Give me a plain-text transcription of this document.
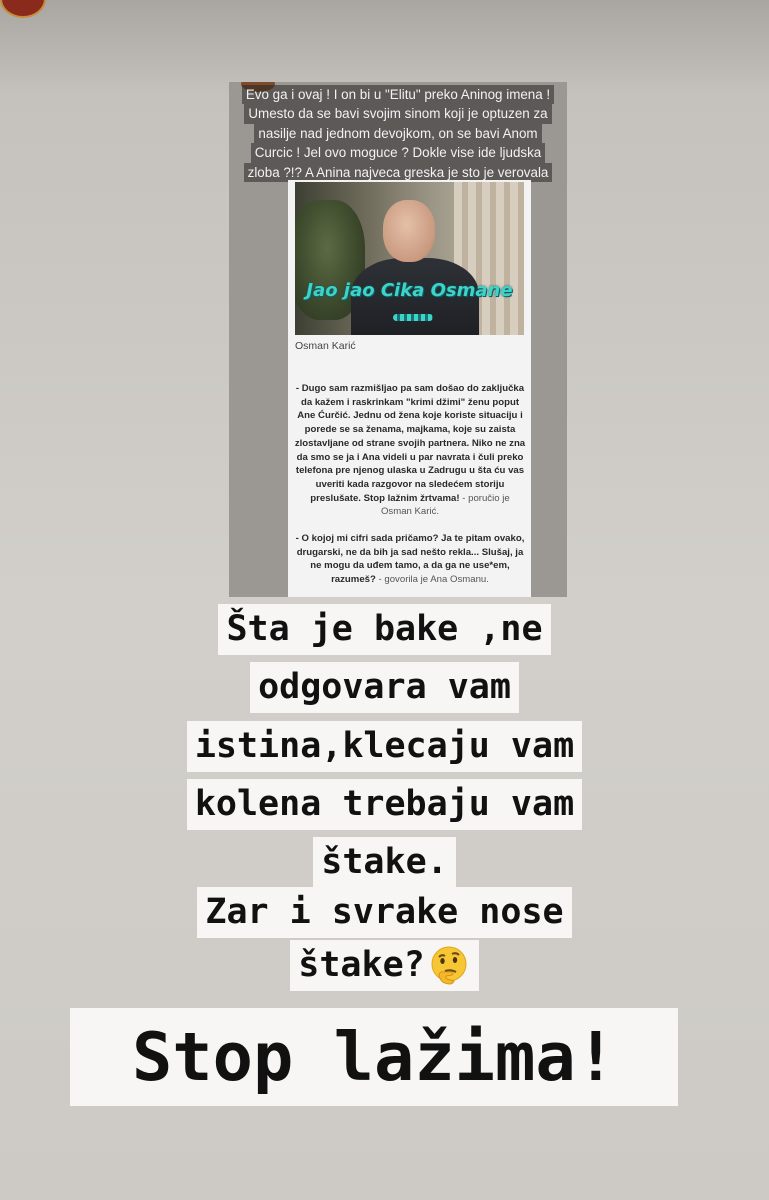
Evo ga i ovaj ! I on bi u "Elitu" preko Aninog imena !
Umesto da se bavi svojim sinom koji je optuzen za
nasilje nad jednom devojkom, on se bavi Anom
Curcic ! Jel ovo moguce ? Dokle vise ide ljudska
zloba ?!? A Anina najveca greska je sto je verovala

Jao jao Cika Osmane
Osman Karić
- Dugo sam razmišljao pa sam došao do zaključka da kažem i raskrinkam "krimi džimi" ženu poput Ane Ćurčić. Jednu od žena koje koriste situaciju i porede se sa ženama, majkama, koje su zaista zlostavljane od strane svojih partnera. Niko ne zna da smo se ja i Ana videli u par navrata i čuli preko telefona pre njenog ulaska u Zadrugu u šta ću vas uveriti kada razgovor na sledećem storiju preslušate. Stop lažnim žrtvama! - poručio je Osman Karić.
- O kojoj mi cifri sada pričamo? Ja te pitam ovako, drugarski, ne da bih ja sad nešto rekla... Slušaj, ja ne mogu da uđem tamo, a da ga ne use*em, razumeš? - govorila je Ana Osmanu.
Šta je bake ,ne
odgovara vam
istina,klecaju vam
kolena trebaju vam
štake.
Zar i svrake nose
štake?
Stop lažima!
